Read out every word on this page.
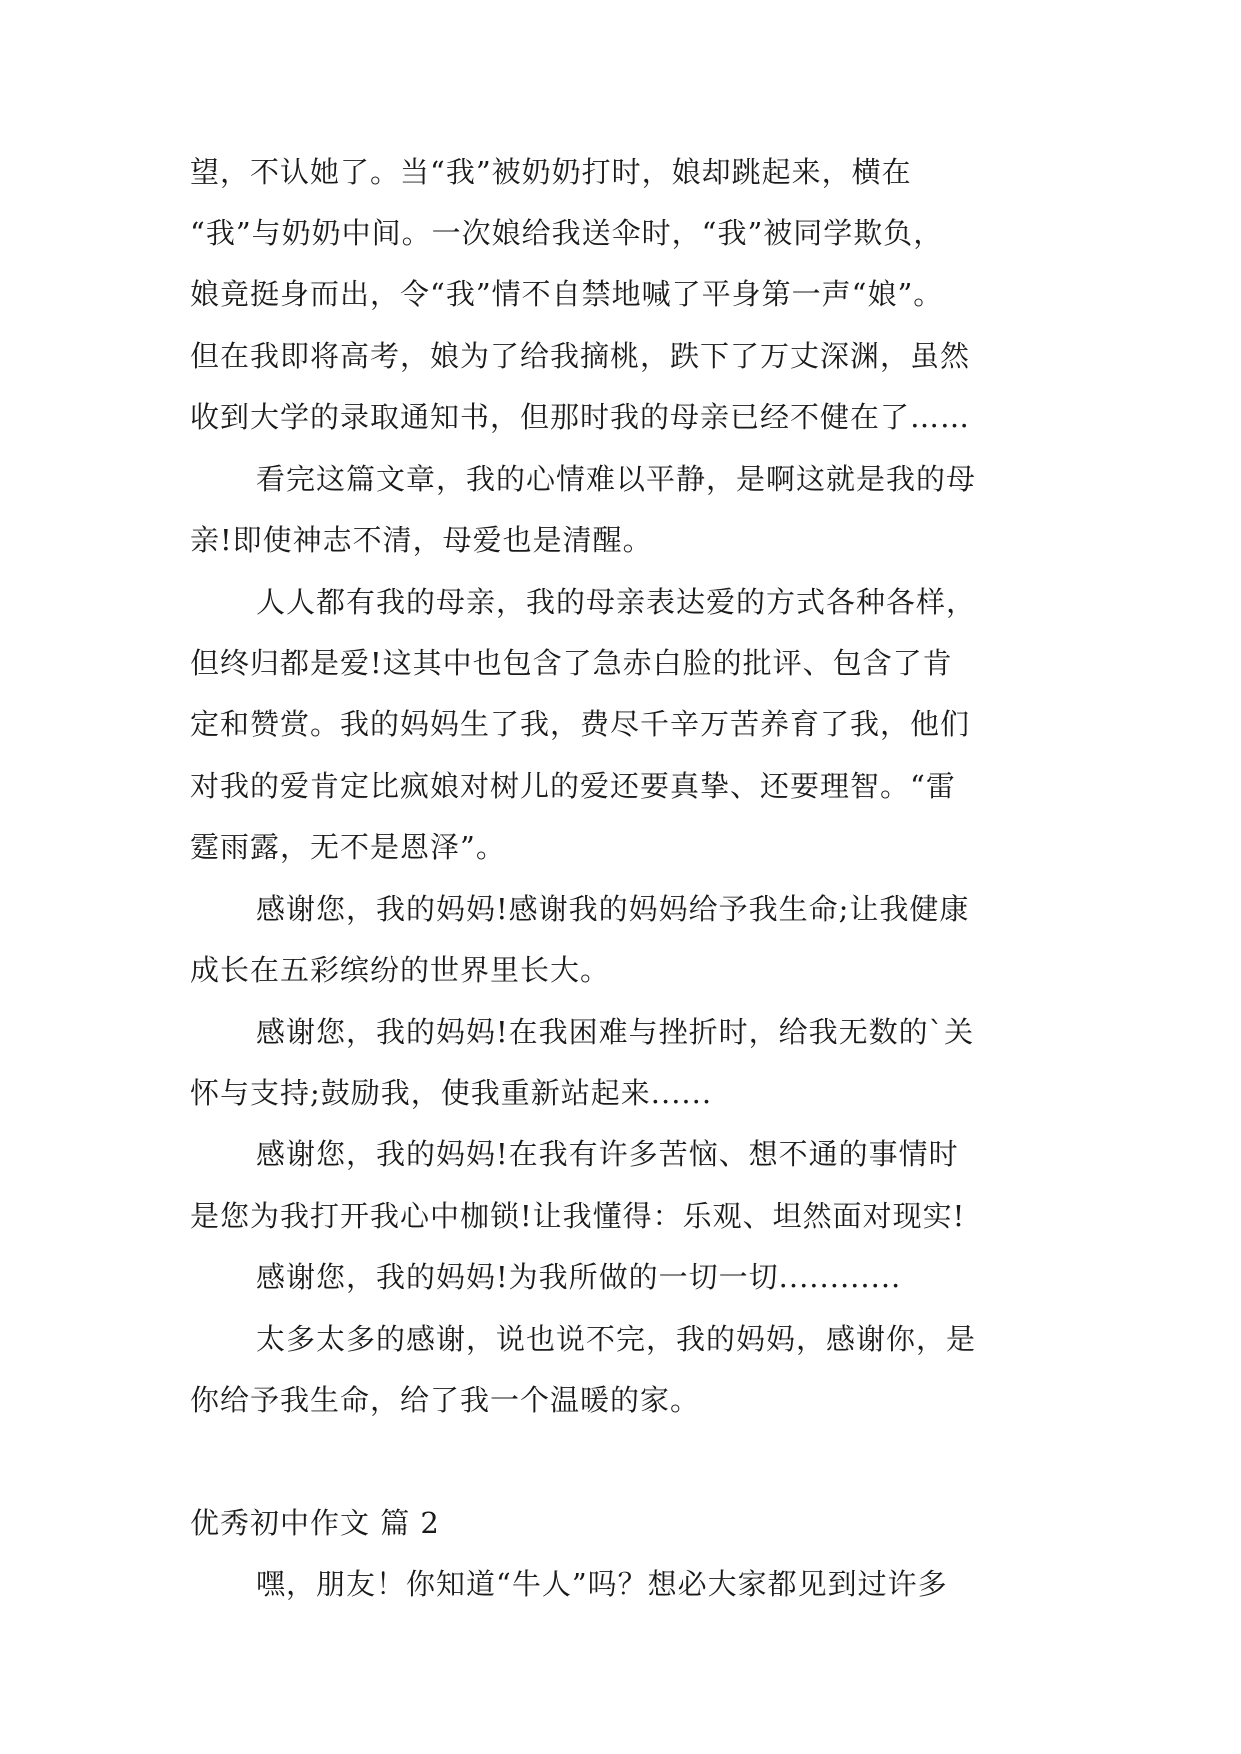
望，不认她了。当“我”被奶奶打时，娘却跳起来，横在
“我”与奶奶中间。一次娘给我送伞时，“我”被同学欺负，
娘竟挺身而出，令“我”情不自禁地喊了平身第一声“娘”。
但在我即将高考，娘为了给我摘桃，跌下了万丈深渊，虽然
收到大学的录取通知书，但那时我的母亲已经不健在了……
看完这篇文章，我的心情难以平静，是啊这就是我的母
亲!即使神志不清，母爱也是清醒。
人人都有我的母亲，我的母亲表达爱的方式各种各样，
但终归都是爱!这其中也包含了急赤白脸的批评、包含了肯
定和赞赏。我的妈妈生了我，费尽千辛万苦养育了我，他们
对我的爱肯定比疯娘对树儿的爱还要真挚、还要理智。“雷
霆雨露，无不是恩泽”。
感谢您，我的妈妈!感谢我的妈妈给予我生命;让我健康
成长在五彩缤纷的世界里长大。
感谢您，我的妈妈!在我困难与挫折时，给我无数的`关
怀与支持;鼓励我，使我重新站起来......
感谢您，我的妈妈!在我有许多苦恼、想不通的事情时
是您为我打开我心中枷锁!让我懂得：乐观、坦然面对现实!
感谢您，我的妈妈!为我所做的一切一切............
太多太多的感谢，说也说不完，我的妈妈，感谢你，是
你给予我生命，给了我一个温暖的家。
优秀初中作文 篇 2
嘿，朋友！你知道“牛人”吗？想必大家都见到过许多
